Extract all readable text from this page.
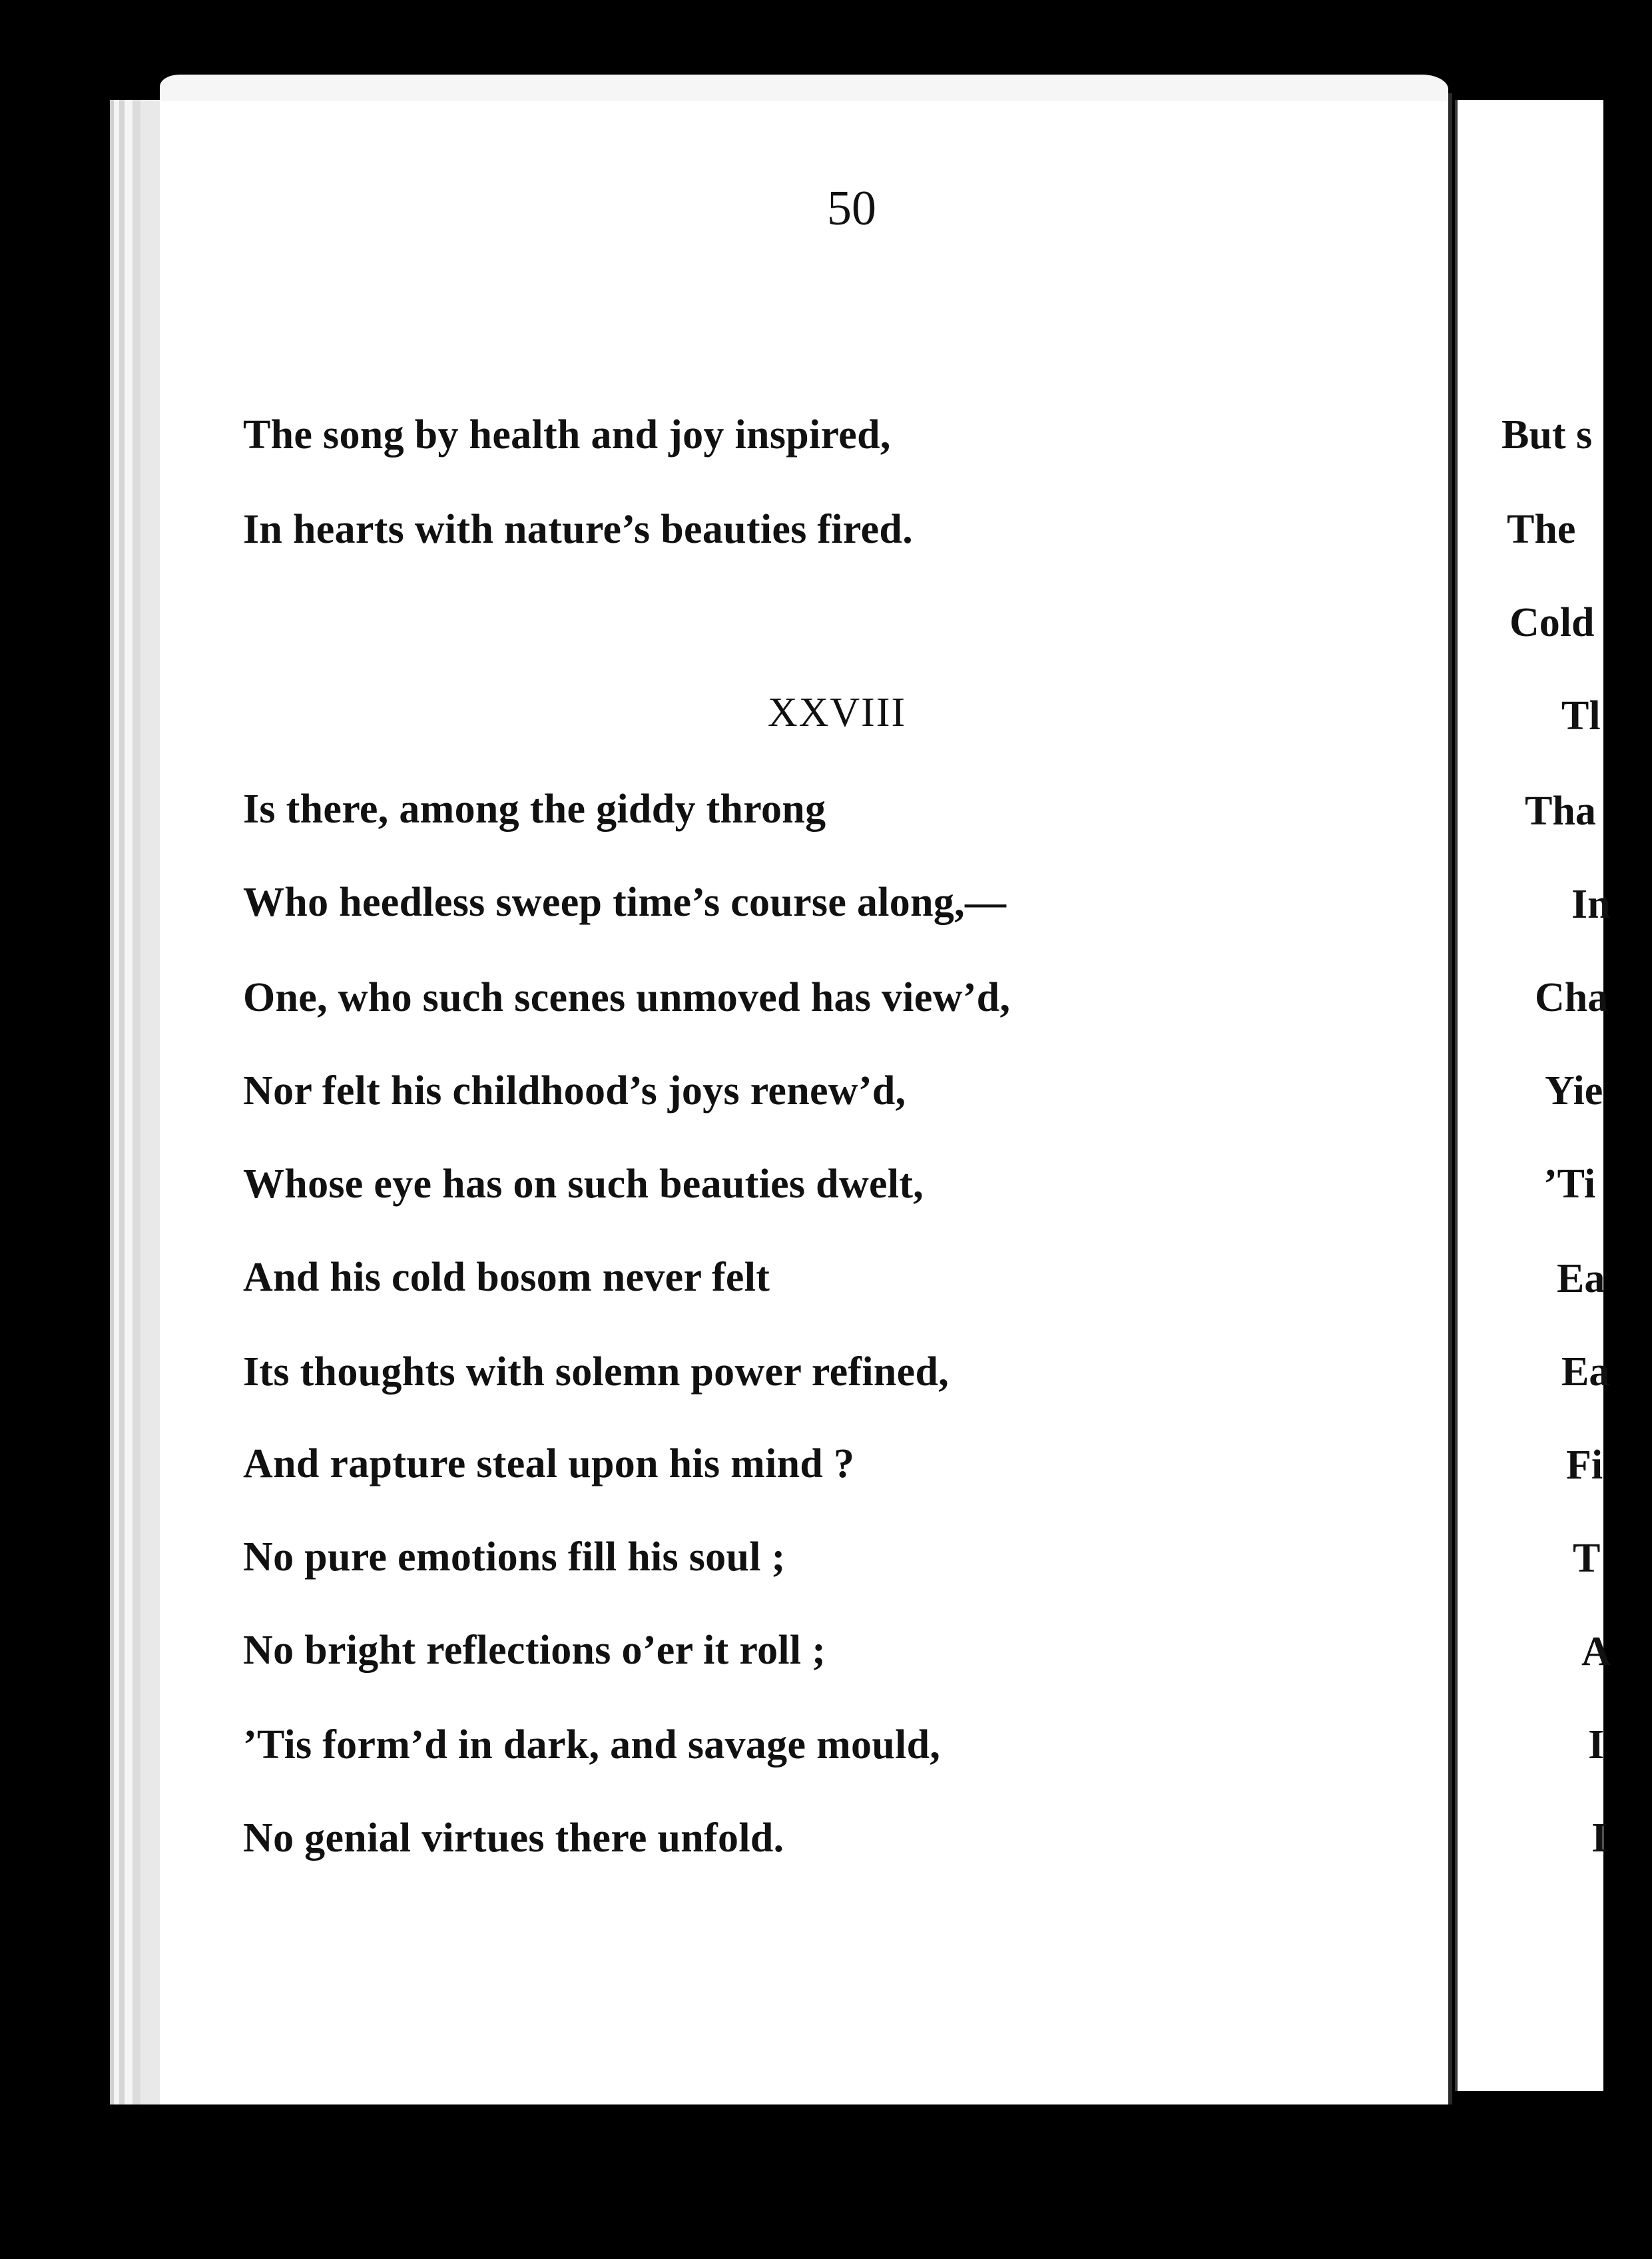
50
The song by health and joy inspired,
In hearts with nature’s beauties fired.
XXVIII
Is there, among the giddy throng
Who heedless sweep time’s course along,—
One, who such scenes unmoved has view’d,
Nor felt his childhood’s joys renew’d,
Whose eye has on such beauties dwelt,
And his cold bosom never felt
Its thoughts with solemn power refined,
And rapture steal upon his mind ?
No pure emotions fill his soul ;
No bright reflections o’er it roll ;
’Tis form’d in dark, and savage mould,
No genial virtues there unfold.
But s
The
Cold
Tl
Tha
In
Cha
Yie
’Ti
Ea
Ea
Fi
T
A
I
I
